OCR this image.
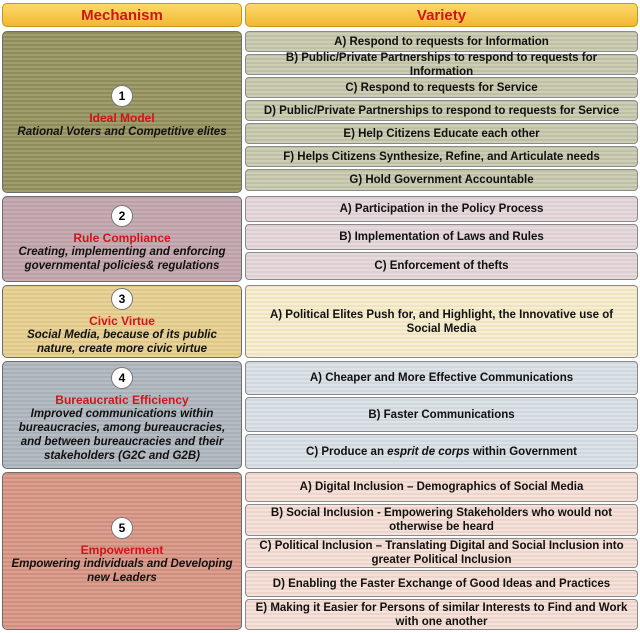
Mechanism	Variety
1
Ideal Model
Rational Voters and Competitive elites
A) Respond to requests for Information
B) Public/Private Partnerships to respond to requests for Information
C) Respond to requests for Service
D) Public/Private Partnerships to respond to requests for Service
E) Help Citizens Educate each other
F) Helps Citizens Synthesize, Refine, and Articulate needs
G) Hold Government Accountable
2
Rule Compliance
Creating, implementing and enforcing governmental policies& regulations
A) Participation in the Policy Process
B) Implementation of Laws and Rules
C) Enforcement of thefts
3
Civic Virtue
Social Media, because of its public nature, create more civic virtue
A) Political Elites Push for, and Highlight, the Innovative use of Social Media
4
Bureaucratic Efficiency
Improved communications within bureaucracies, among bureaucracies, and between bureaucracies and their stakeholders (G2C and G2B)
A) Cheaper and More Effective Communications
B) Faster Communications
C) Produce an esprit de corps within Government
5
Empowerment
Empowering individuals and Developing new Leaders
A) Digital Inclusion – Demographics of Social Media
B) Social Inclusion - Empowering Stakeholders who would not otherwise be heard
C) Political Inclusion – Translating Digital and Social Inclusion into greater Political Inclusion
D) Enabling the Faster Exchange of Good Ideas and Practices
E) Making it Easier for Persons of similar Interests to Find and Work with one another
